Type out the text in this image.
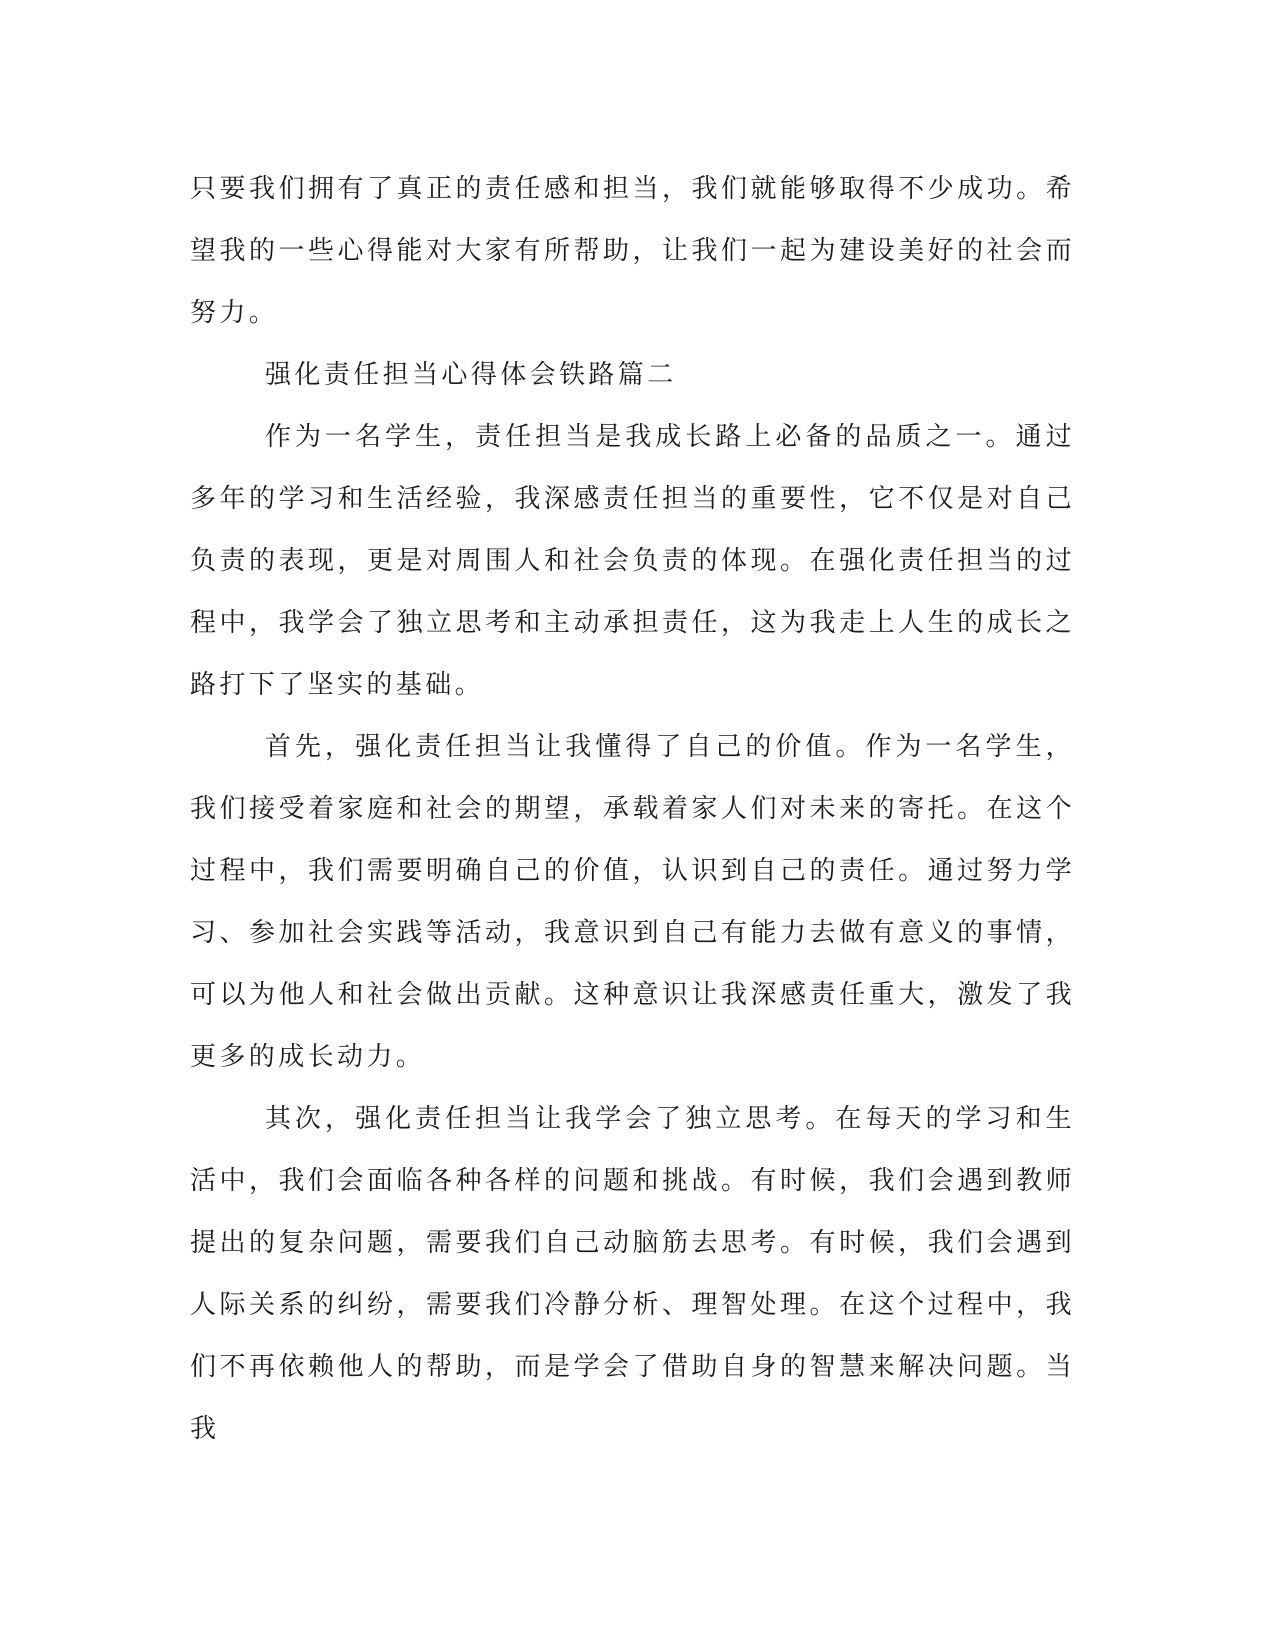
只要我们拥有了真正的责任感和担当，我们就能够取得不少成功。希望我的一些心得能对大家有所帮助，让我们一起为建设美好的社会而努力。

强化责任担当心得体会铁路篇二

作为一名学生，责任担当是我成长路上必备的品质之一。通过多年的学习和生活经验，我深感责任担当的重要性，它不仅是对自己负责的表现，更是对周围人和社会负责的体现。在强化责任担当的过程中，我学会了独立思考和主动承担责任，这为我走上人生的成长之路打下了坚实的基础。

首先，强化责任担当让我懂得了自己的价值。作为一名学生，我们接受着家庭和社会的期望，承载着家人们对未来的寄托。在这个过程中，我们需要明确自己的价值，认识到自己的责任。通过努力学习、参加社会实践等活动，我意识到自己有能力去做有意义的事情，可以为他人和社会做出贡献。这种意识让我深感责任重大，激发了我更多的成长动力。

其次，强化责任担当让我学会了独立思考。在每天的学习和生活中，我们会面临各种各样的问题和挑战。有时候，我们会遇到教师提出的复杂问题，需要我们自己动脑筋去思考。有时候，我们会遇到人际关系的纠纷，需要我们冷静分析、理智处理。在这个过程中，我们不再依赖他人的帮助，而是学会了借助自身的智慧来解决问题。当我
